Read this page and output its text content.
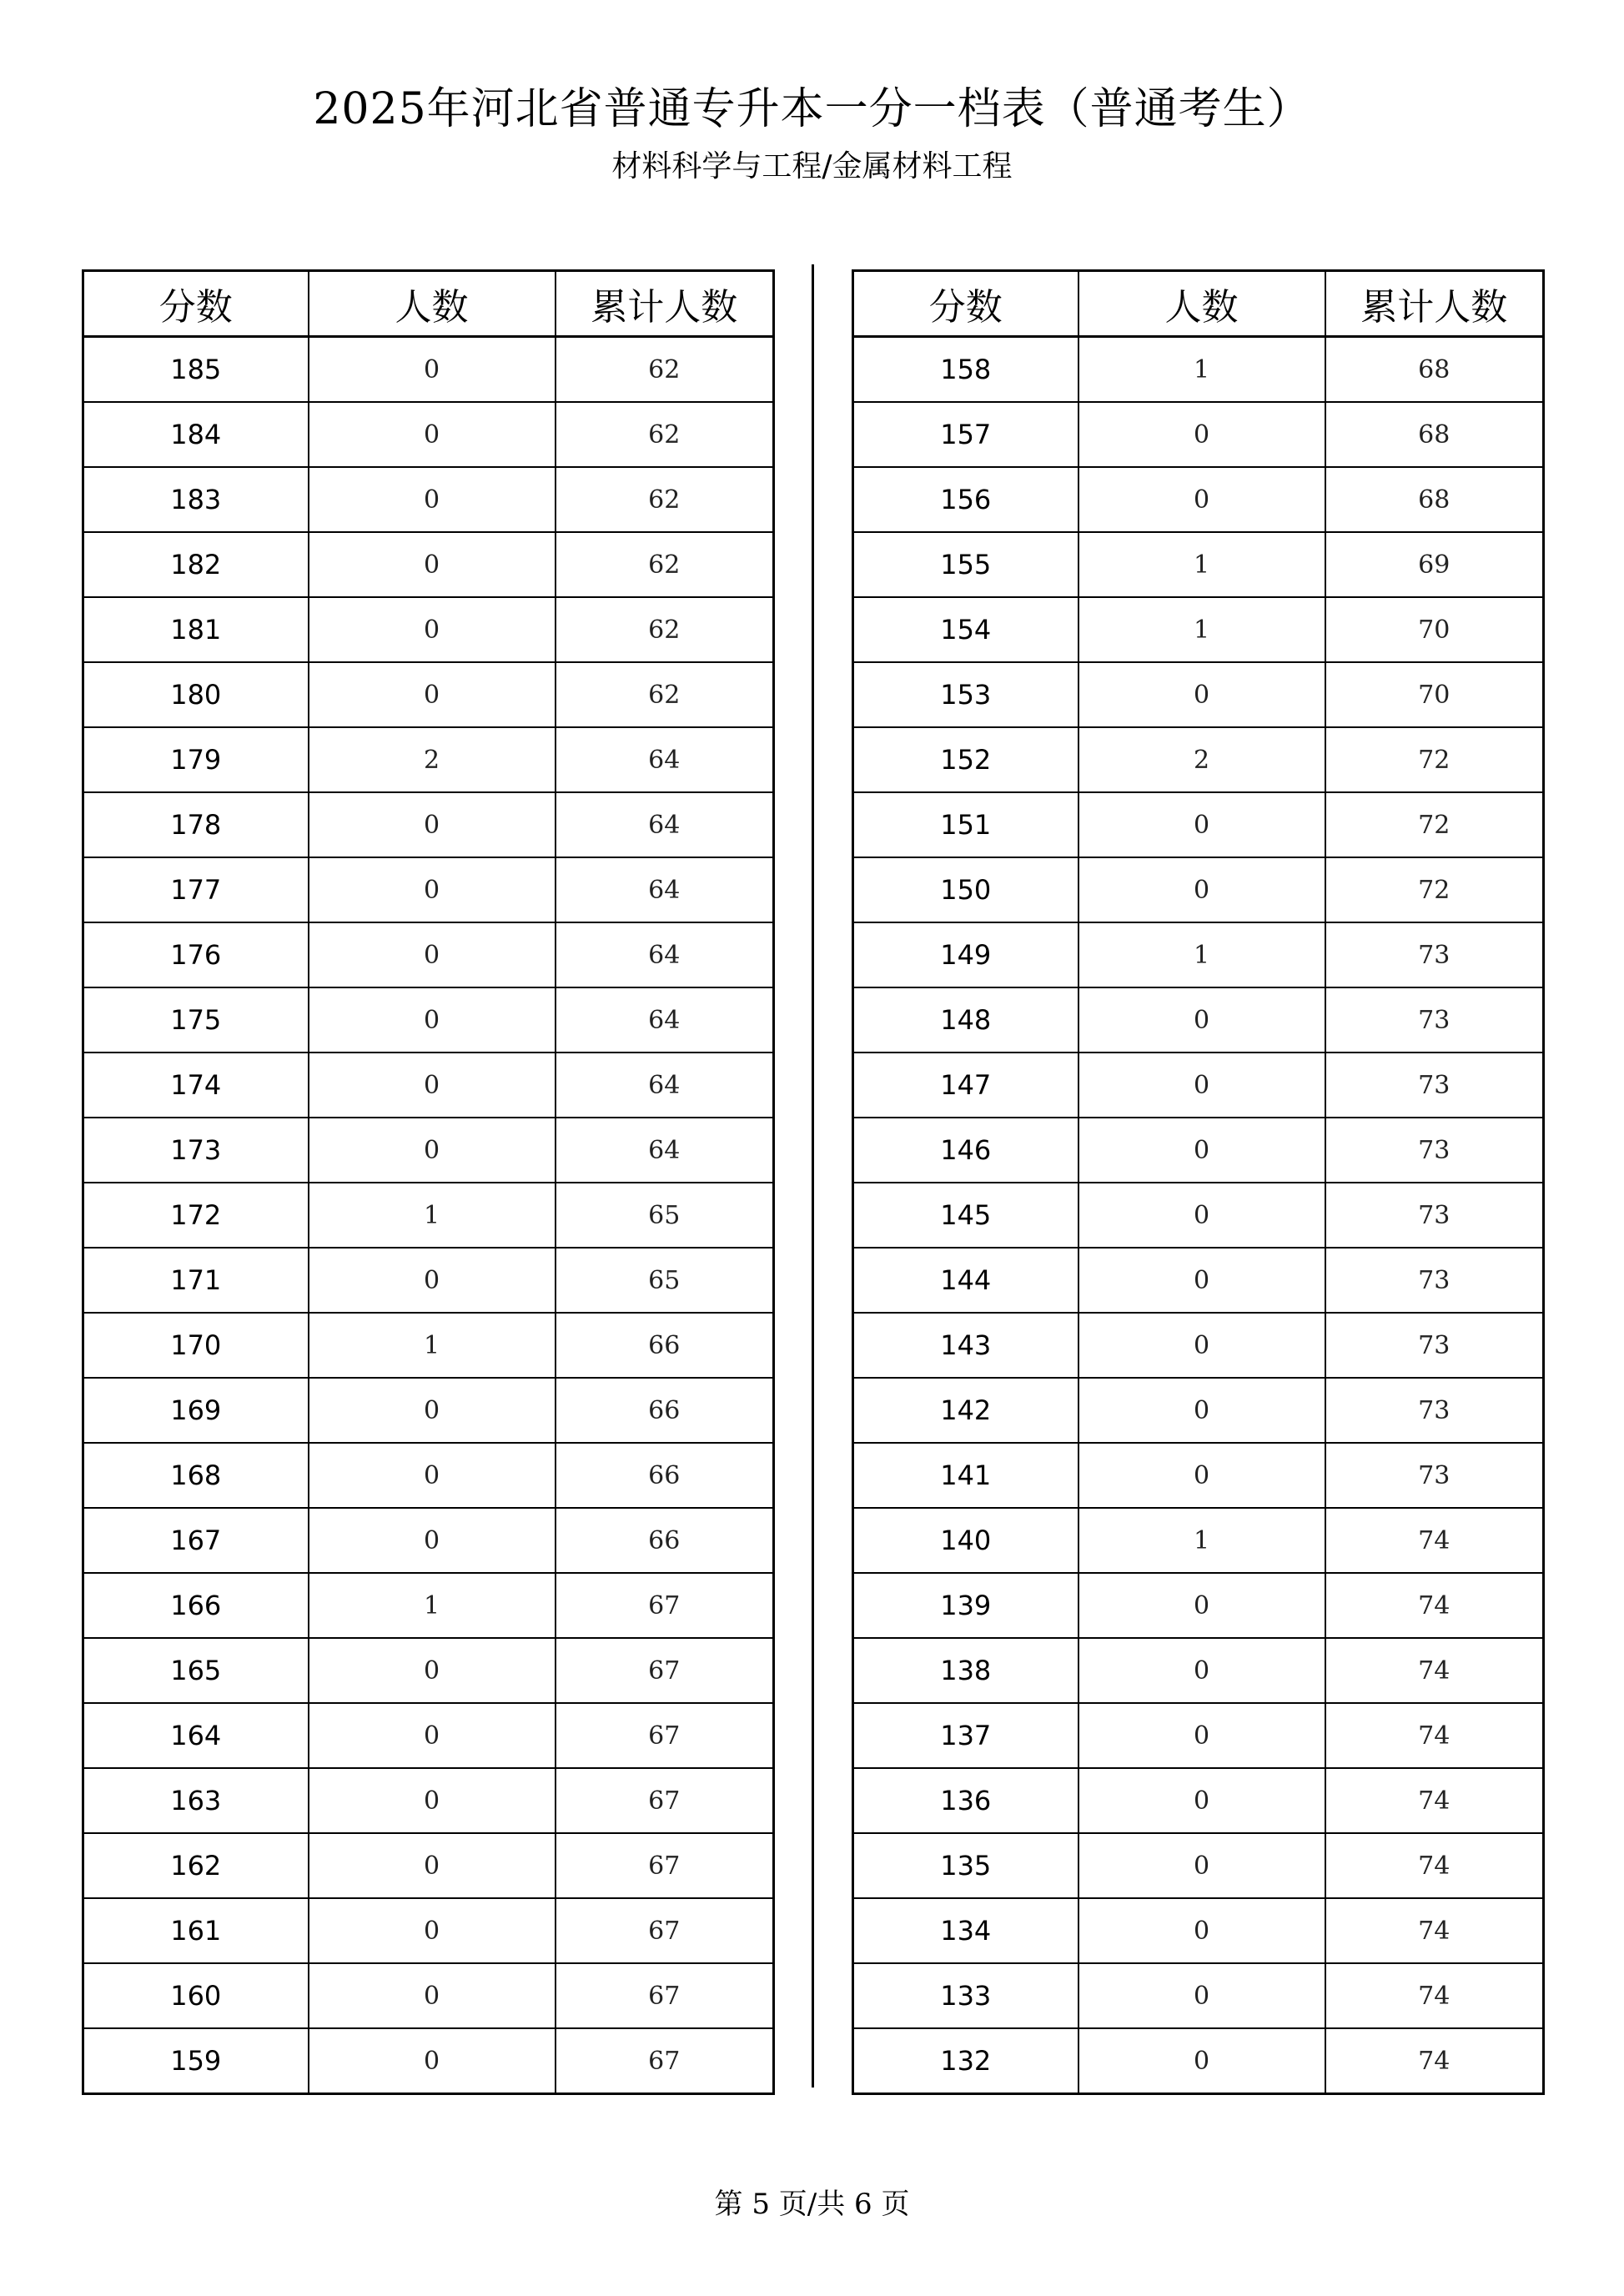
2025年河北省普通专升本一分一档表（普通考生）
材料科学与工程/金属材料工程
分数	人数	累计人数
185	0	62
184	0	62
183	0	62
182	0	62
181	0	62
180	0	62
179	2	64
178	0	64
177	0	64
176	0	64
175	0	64
174	0	64
173	0	64
172	1	65
171	0	65
170	1	66
169	0	66
168	0	66
167	0	66
166	1	67
165	0	67
164	0	67
163	0	67
162	0	67
161	0	67
160	0	67
159	0	67
分数	人数	累计人数
158	1	68
157	0	68
156	0	68
155	1	69
154	1	70
153	0	70
152	2	72
151	0	72
150	0	72
149	1	73
148	0	73
147	0	73
146	0	73
145	0	73
144	0	73
143	0	73
142	0	73
141	0	73
140	1	74
139	0	74
138	0	74
137	0	74
136	0	74
135	0	74
134	0	74
133	0	74
132	0	74
第 5 页/共 6 页
